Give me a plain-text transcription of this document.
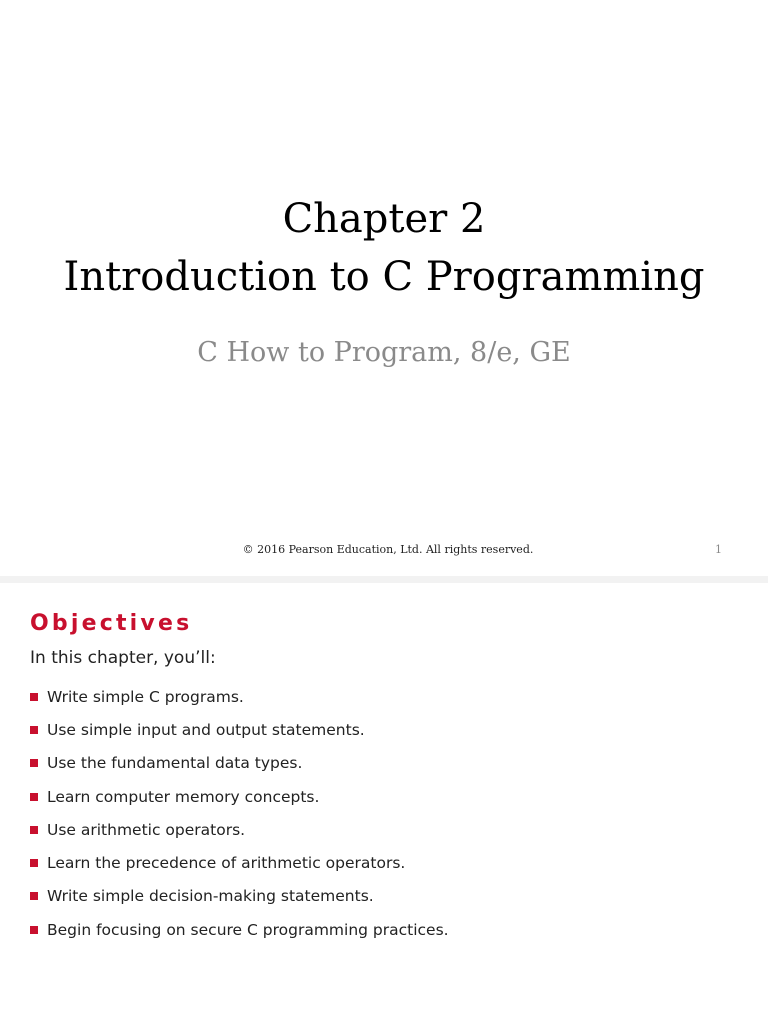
Chapter 2
Introduction to C Programming
C How to Program, 8/e, GE
© 2016 Pearson Education, Ltd. All rights reserved.	1
Objectives
In this chapter, you’ll:
Write simple C programs.
Use simple input and output statements.
Use the fundamental data types.
Learn computer memory concepts.
Use arithmetic operators.
Learn the precedence of arithmetic operators.
Write simple decision-making statements.
Begin focusing on secure C programming practices.
